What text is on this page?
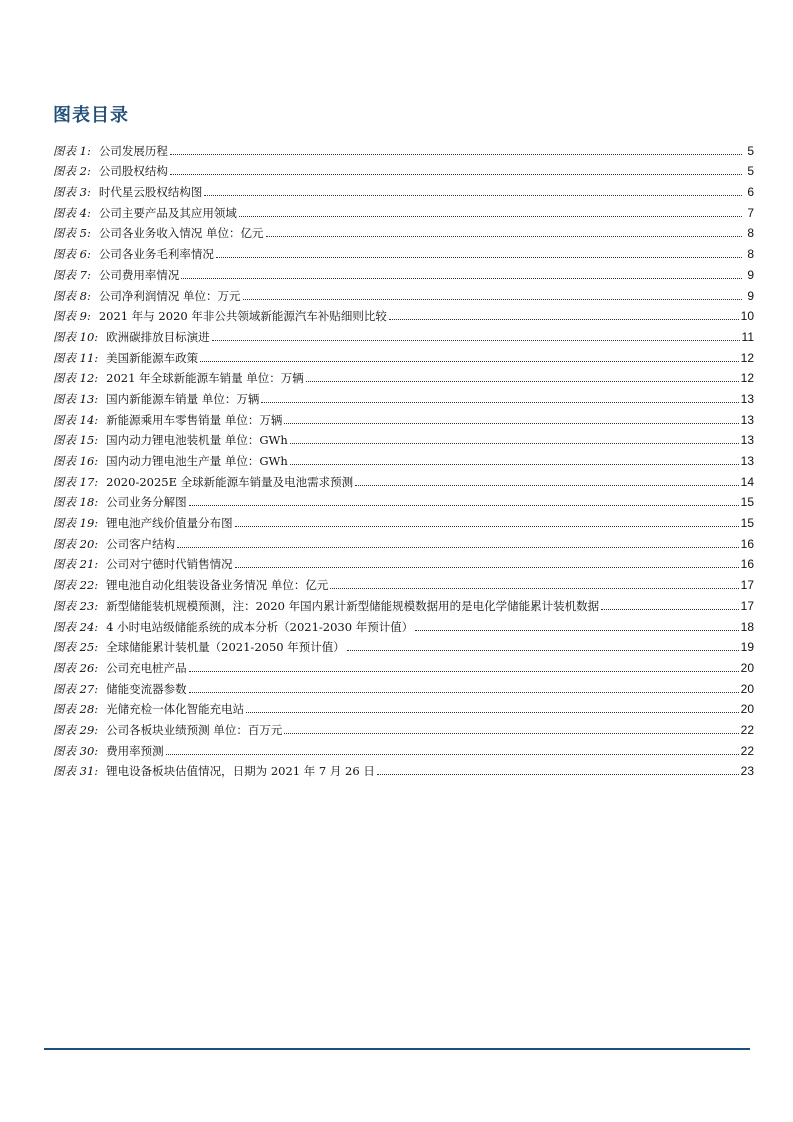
图表目录
图表 1: 公司发展历程	5
图表 2: 公司股权结构	5
图表 3: 时代星云股权结构图	6
图表 4: 公司主要产品及其应用领域	7
图表 5: 公司各业务收入情况 单位：亿元	8
图表 6: 公司各业务毛利率情况	8
图表 7: 公司费用率情况	9
图表 8: 公司净利润情况 单位：万元	9
图表 9: 2021 年与 2020 年非公共领域新能源汽车补贴细则比较	10
图表 10: 欧洲碳排放目标演进	11
图表 11: 美国新能源车政策	12
图表 12: 2021 年全球新能源车销量 单位：万辆	12
图表 13: 国内新能源车销量 单位：万辆	13
图表 14: 新能源乘用车零售销量 单位：万辆	13
图表 15: 国内动力锂电池装机量 单位：GWh	13
图表 16: 国内动力锂电池生产量 单位：GWh	13
图表 17: 2020-2025E 全球新能源车销量及电池需求预测	14
图表 18: 公司业务分解图	15
图表 19: 锂电池产线价值量分布图	15
图表 20: 公司客户结构	16
图表 21: 公司对宁德时代销售情况	16
图表 22: 锂电池自动化组装设备业务情况 单位：亿元	17
图表 23: 新型储能装机规模预测，注：2020 年国内累计新型储能规模数据用的是电化学储能累计装机数据	17
图表 24: 4 小时电站级储能系统的成本分析（2021-2030 年预计值）	18
图表 25: 全球储能累计装机量（2021-2050 年预计值）	19
图表 26: 公司充电桩产品	20
图表 27: 储能变流器参数	20
图表 28: 光储充检一体化智能充电站	20
图表 29: 公司各板块业绩预测 单位：百万元	22
图表 30: 费用率预测	22
图表 31: 锂电设备板块估值情况，日期为 2021 年 7 月 26 日	23
